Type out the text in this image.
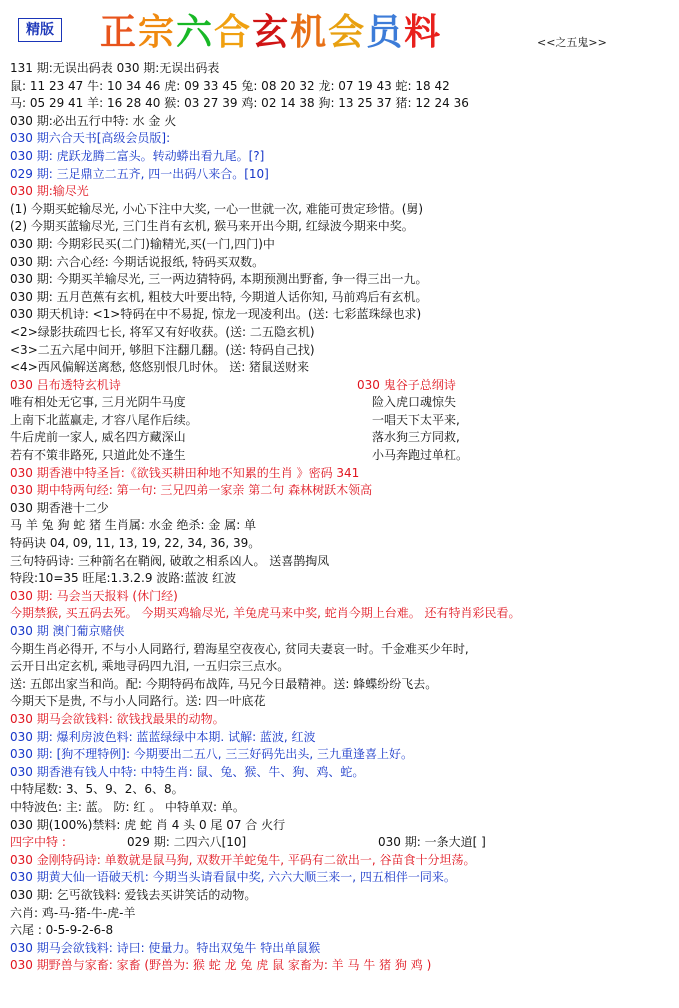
精版 正宗六合玄机会员料	<<之五鬼>>
131 期:无误出码表 030 期:无误出码表
鼠: 11 23 47 牛: 10 34 46 虎: 09 33 45 兔: 08 20 32 龙: 07 19 43 蛇: 18 42
马: 05 29 41 羊: 16 28 40 猴: 03 27 39 鸡: 02 14 38 狗: 13 25 37 猪: 12 24 36
030 期:必出五行中特: 水 金 火
030 期六合天书[高级会员版]:
030 期: 虎跃龙腾二富头。转动蟒出看九尾。[?]
029 期: 三足鼎立二五齐, 四一出码八来合。[10]
030 期:输尽光
(1) 今期买蛇输尽光, 小心下注中大奖, 一心一世就一次, 难能可贵定珍惜。(舅)
(2) 今期买蓝输尽光, 三门生肖有玄机, 猴马来开出今期, 红绿波今期来中奖。
030 期: 今期彩民买(二门)输精光,买(一门,四门)中
030 期: 六合心经: 今期话说报纸, 特码买双数。
030 期: 今期买羊输尽光, 三一两边猜特码, 本期预测出野畜, 争一得三出一九。
030 期: 五月芭蕉有玄机, 粗枝大叶要出特, 今期道人话你知, 马前鸡后有玄机。
030 期天机诗: <1>特码在中不易捉, 惊龙一现凌利出。(送: 七彩蓝珠绿也求)
<2>绿影扶疏四七长, 将军又有好收获。(送: 二五隐玄机)
<3>二五六尾中间开, 够胆下注翻几翻。(送: 特码自己找)
<4>西风偏解送离愁, 悠悠别恨几时休。 送: 猪鼠送财来
030 吕布透特玄机诗	030 鬼谷子总纲诗
唯有相处无它事, 三月光阴牛马度	险入虎口魂惊失
上南下北蓝赢走, 才容八尾作后续。	一唱天下太平来,
牛后虎前一家人, 威名四方藏深山	落水狗三方同救,
若有不策非路死, 只道此处不逢生	小马奔跑过单杠。
030 期香港中特圣旨:《欲钱买耕田种地不知累的生肖 》密码 341
030 期中特两句经: 第一句: 三兄四弟一家亲 第二句 森林树跃木领高
030 期香港十二少
马 羊 兔 狗 蛇 猪 生肖属: 水金 绝杀: 金 属: 单
特码诀 04, 09, 11, 13, 19, 22, 34, 36, 39。
三句特码诗: 三种箭名在鞘阀, 破敢之相系凶人。 送喜鹊掏凤
特段:10=35 旺尾:1.3.2.9 波路:蓝波 红波
030 期: 马会当天报料 (休门经)
今期禁猴, 买五码去死。 今期买鸡输尽光, 羊兔虎马来中奖, 蛇肖今期上台难。 还有特肖彩民看。
030 期 澳门葡京赌侠
今期生肖必得开, 不与小人同路行, 碧海星空夜夜心, 贫同夫妻哀一时。千金难买少年时,
云开日出定玄机, 乘地寻码四九泪, 一五归宗三点水。
送: 五郎出家当和尚。配: 今期特码布战阵, 马兄今日最精神。送: 蜂蝶纷纷飞去。
今期天下是贵, 不与小人同路行。送: 四一叶底花
030 期马会欲钱料: 欲钱找最果的动物。
030 期: 爆利房波色料: 蓝蓝绿绿中本期. 试解: 蓝波, 红波
030 期: [狗不理特例]: 今期要出二五八, 三三好码先出头, 三九重逢喜上好。
030 期香港有钱人中特: 中特生肖: 鼠、兔、猴、牛、狗、鸡、蛇。
中特尾数: 3、5、9、2、6、8。
中特波色: 主: 蓝。 防: 红 。 中特单双: 单。
030 期(100%)禁料: 虎 蛇 肖 4 头 0 尾 07 合 火行
四字中特 :	029 期: 二四六八[10]	030 期: 一条大道[ ]
030 金刚特码诗: 单数就是鼠马狗, 双数开羊蛇兔牛, 平码有二欲出一, 谷苗食十分坦荡。
030 期黄大仙一语破天机: 今期当头请看鼠中奖, 六六大顺三来一, 四五相伴一同来。
030 期: 乞丐欲钱料: 爱钱去买讲笑话的动物。
六肖: 鸡-马-猪-牛-虎-羊
六尾 : 0-5-9-2-6-8
030 期马会欲钱料: 诗曰: 使量力。特出双兔牛 特出单鼠猴
030 期野兽与家畜: 家畜 (野兽为: 猴 蛇 龙 兔 虎 鼠 家畜为: 羊 马 牛 猪 狗 鸡 )
